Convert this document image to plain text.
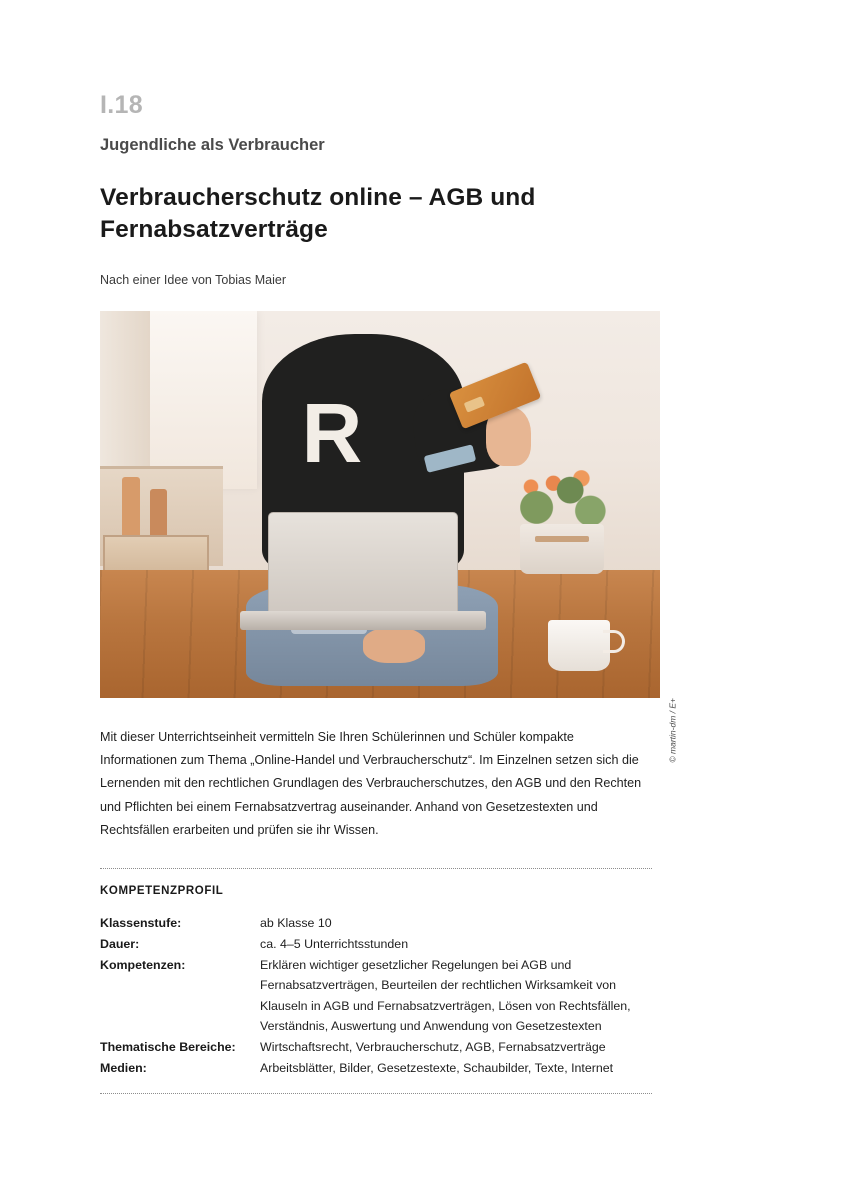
I.18
Jugendliche als Verbraucher
Verbraucherschutz online – AGB und Fernabsatzverträge
Nach einer Idee von Tobias Maier
R
© martin-dm / E+

Mit dieser Unterrichtseinheit vermitteln Sie Ihren Schülerinnen und Schüler kompakte Informationen zum Thema „Online-Handel und Verbraucherschutz“. Im Einzelnen setzen sich die Lernenden mit den rechtlichen Grundlagen des Verbraucherschutzes, den AGB und den Rechten und Pflichten bei einem Fernabsatzvertrag auseinander. Anhand von Gesetzestexten und Rechtsfällen erarbeiten und prüfen sie ihr Wissen.

KOMPETENZPROFIL
Klassenstufe:	ab Klasse 10
Dauer:	ca. 4–5 Unterrichtsstunden
Kompetenzen:	Erklären wichtiger gesetzlicher Regelungen bei AGB und Fernabsatzverträgen, Beurteilen der rechtlichen Wirksamkeit von Klauseln in AGB und Fernabsatzverträgen, Lösen von Rechtsfällen, Verständnis, Auswertung und Anwendung von Gesetzestexten
Thematische Bereiche:	Wirtschaftsrecht, Verbraucherschutz, AGB, Fernabsatzverträge
Medien:	Arbeitsblätter, Bilder, Gesetzestexte, Schaubilder, Texte, Internet
